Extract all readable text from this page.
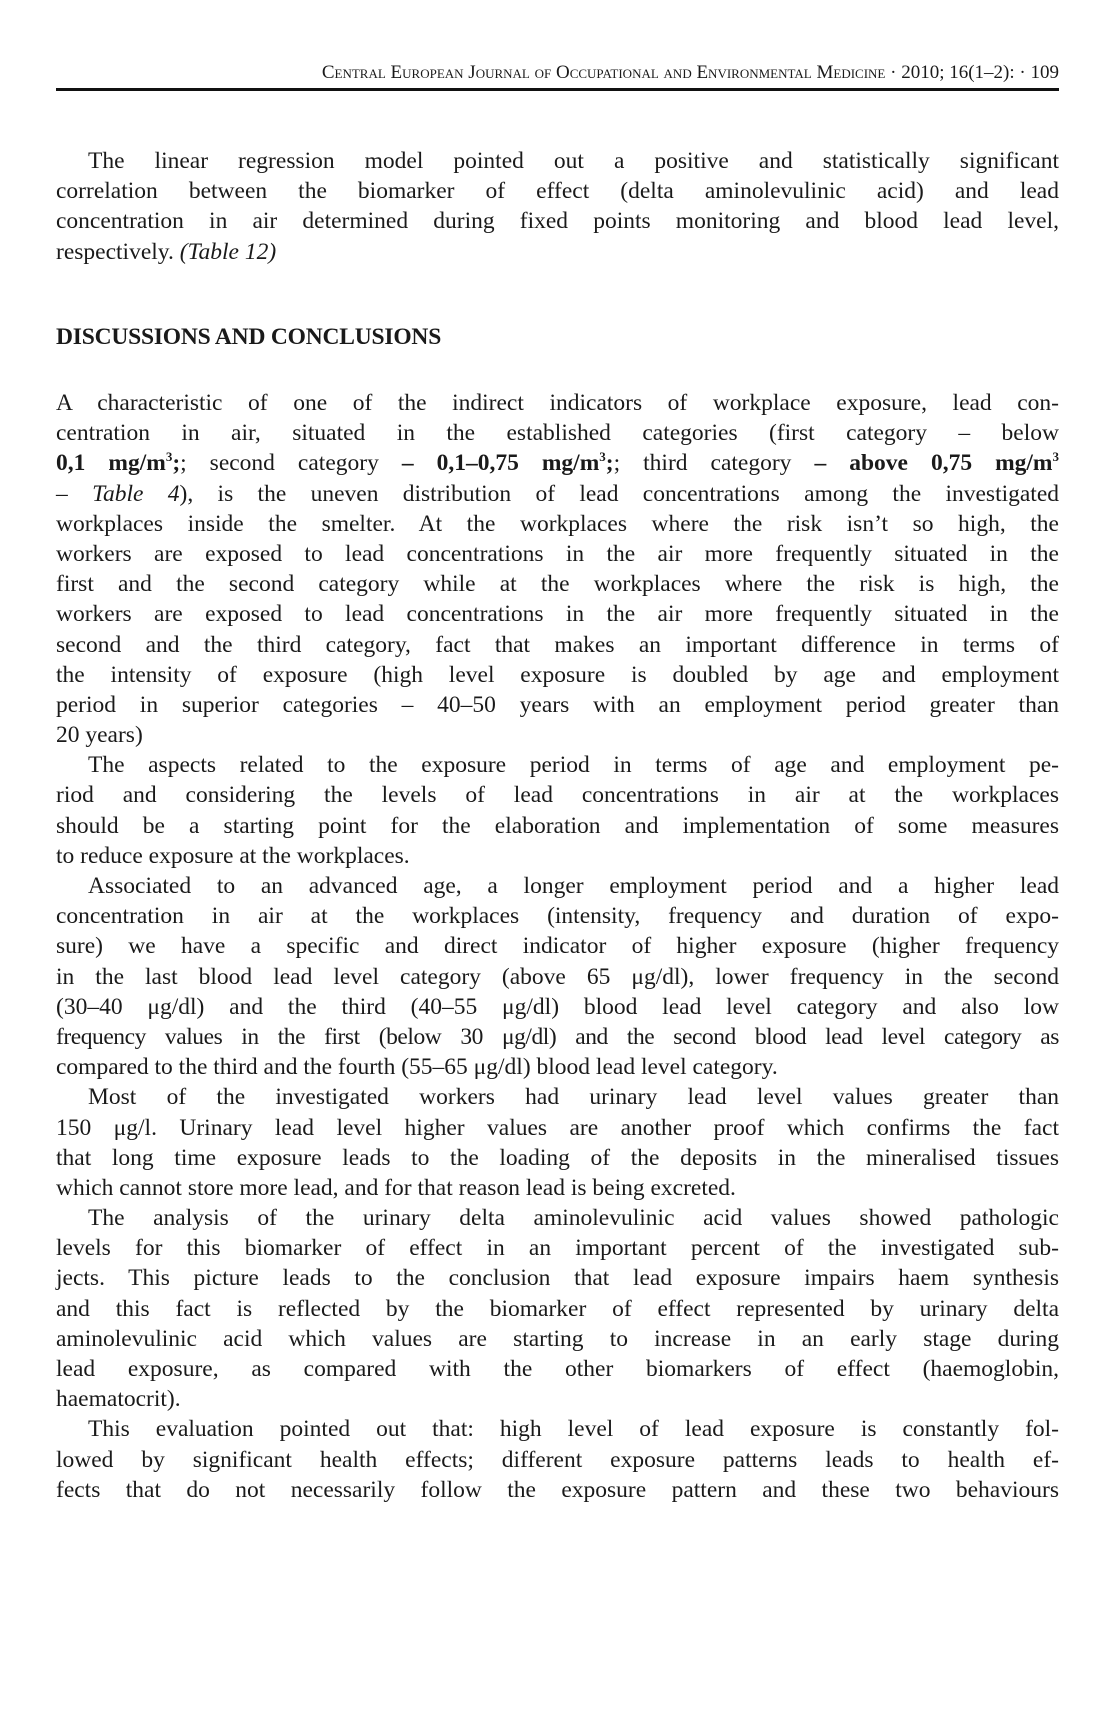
Central European Journal of Occupational and Environmental Medicine · 2010; 16(1–2): · 109
The linear regression model pointed out a positive and statistically significant
correlation between the biomarker of effect (delta aminolevulinic acid) and lead
concentration in air determined during fixed points monitoring and blood lead level,
respectively. (Table 12)
DISCUSSIONS AND CONCLUSIONS
A characteristic of one of the indirect indicators of workplace exposure, lead con-
centration in air, situated in the established categories (first category – below
0,1 $mg/m^3$;; second category – 0,1–0,75 $mg/m^3$;; third category – above 0,75 $mg/m^3$
– Table 4), is the uneven distribution of lead concentrations among the investigated
workplaces inside the smelter. At the workplaces where the risk isn’t so high, the
workers are exposed to lead concentrations in the air more frequently situated in the
first and the second category while at the workplaces where the risk is high, the
workers are exposed to lead concentrations in the air more frequently situated in the
second and the third category, fact that makes an important difference in terms of
the intensity of exposure (high level exposure is doubled by age and employment
period in superior categories – 40–50 years with an employment period greater than
20 years)
The aspects related to the exposure period in terms of age and employment pe-
riod and considering the levels of lead concentrations in air at the workplaces
should be a starting point for the elaboration and implementation of some measures
to reduce exposure at the workplaces.
Associated to an advanced age, a longer employment period and a higher lead
concentration in air at the workplaces (intensity, frequency and duration of expo-
sure) we have a specific and direct indicator of higher exposure (higher frequency
in the last blood lead level category (above 65 μg/dl), lower frequency in the second
(30–40 μg/dl) and the third (40–55 μg/dl) blood lead level category and also low
frequency values in the first (below 30 μg/dl) and the second blood lead level category as
compared to the third and the fourth (55–65 μg/dl) blood lead level category.
Most of the investigated workers had urinary lead level values greater than
150 μg/l. Urinary lead level higher values are another proof which confirms the fact
that long time exposure leads to the loading of the deposits in the mineralised tissues
which cannot store more lead, and for that reason lead is being excreted.
The analysis of the urinary delta aminolevulinic acid values showed pathologic
levels for this biomarker of effect in an important percent of the investigated sub-
jects. This picture leads to the conclusion that lead exposure impairs haem synthesis
and this fact is reflected by the biomarker of effect represented by urinary delta
aminolevulinic acid which values are starting to increase in an early stage during
lead exposure, as compared with the other biomarkers of effect (haemoglobin,
haematocrit).
This evaluation pointed out that: high level of lead exposure is constantly fol-
lowed by significant health effects; different exposure patterns leads to health ef-
fects that do not necessarily follow the exposure pattern and these two behaviours
